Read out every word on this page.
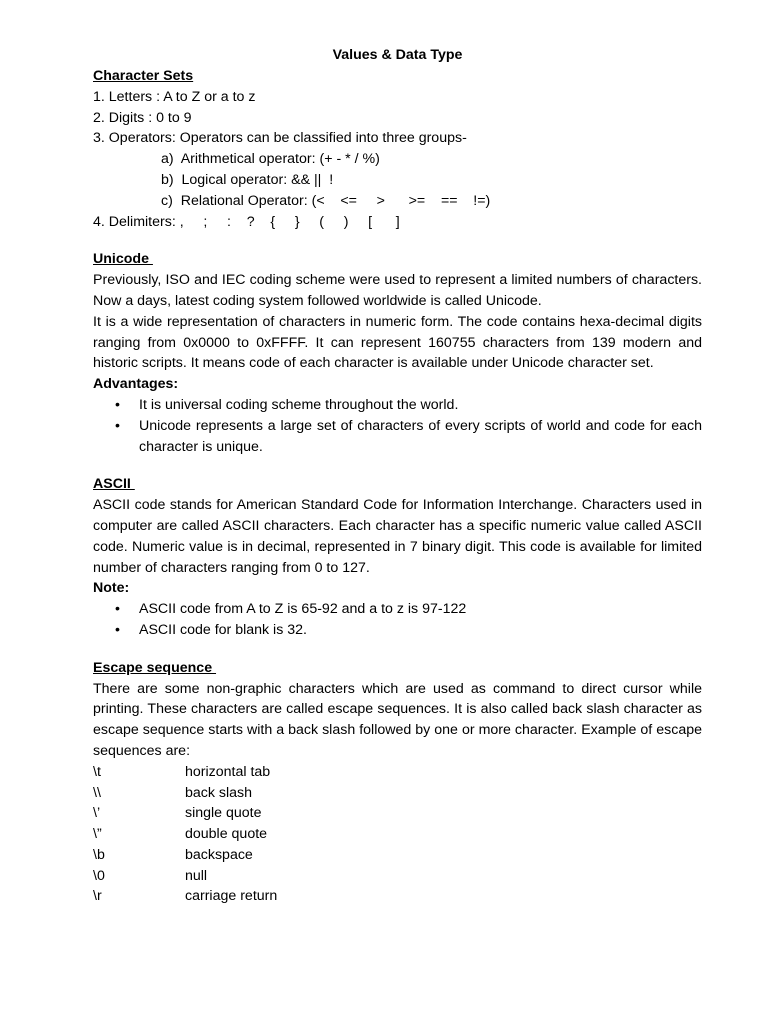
Values & Data Type
Character Sets
1. Letters : A to Z or a to z
2. Digits : 0 to 9
3. Operators: Operators can be classified into three groups-
a)  Arithmetical operator: (+ - * / %)
b)  Logical operator: && ||  !
c)  Relational Operator: (<    <=     >      >=    ==    !=)
4. Delimiters: ,     ;     :    ?    {     }     (     )     [      ]
Unicode
Previously, ISO and IEC coding scheme were used to represent a limited numbers of characters. Now a days, latest coding system followed worldwide is called Unicode.
It is a wide representation of characters in numeric form. The code contains hexa-decimal digits ranging from 0x0000 to 0xFFFF. It can represent 160755 characters from 139 modern and historic scripts. It means code of each character is available under Unicode character set.
Advantages:
• It is universal coding scheme throughout the world.
• Unicode represents a large set of characters of every scripts of world and code for each character is unique.
ASCII
ASCII code stands for American Standard Code for Information Interchange. Characters used in computer are called ASCII characters. Each character has a specific numeric value called ASCII code. Numeric value is in decimal, represented in 7 binary digit. This code is available for limited number of characters ranging from 0 to 127.
Note:
• ASCII code from A to Z is 65-92 and a to z is 97-122
• ASCII code for blank is 32.
Escape sequence
There are some non-graphic characters which are used as command to direct cursor while printing. These characters are called escape sequences. It is also called back slash character as escape sequence starts with a back slash followed by one or more character. Example of escape sequences are:
\t	horizontal tab
\\	back slash
\’	single quote
\”	double quote
\b	backspace
\0	null
\r	carriage return
